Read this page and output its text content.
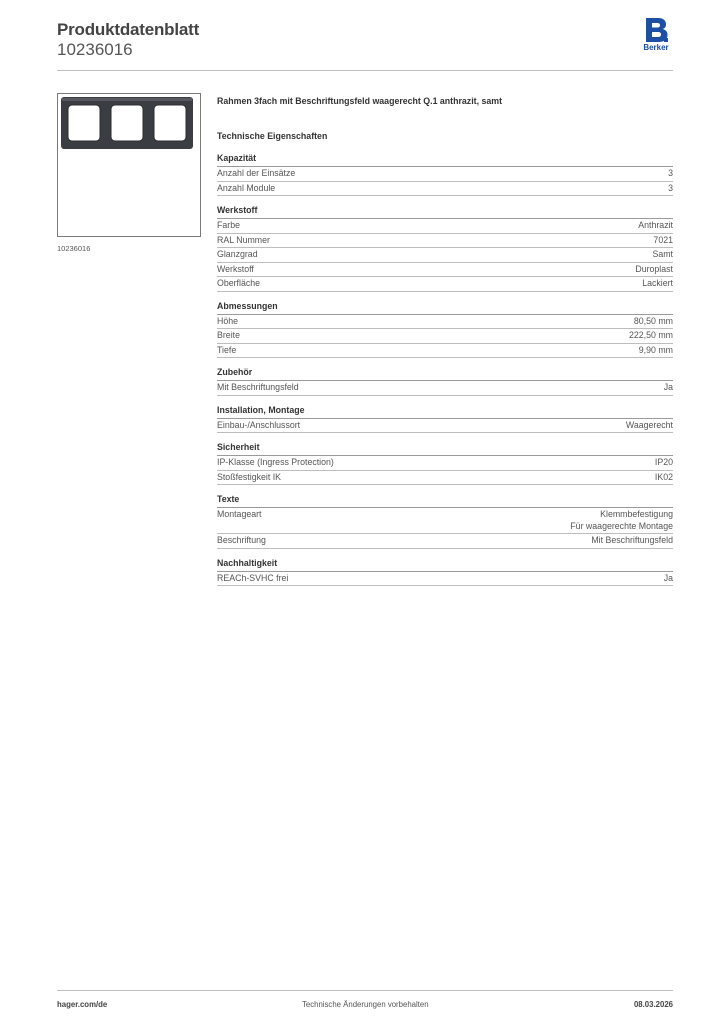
Produktdatenblatt
10236016	Berker
10236016
Rahmen 3fach mit Beschriftungsfeld waagerecht Q.1 anthrazit, samt
Technische Eigenschaften
Kapazität
Anzahl der Einsätze	3
Anzahl Module	3
Werkstoff
Farbe	Anthrazit
RAL Nummer	7021
Glanzgrad	Samt
Werkstoff	Duroplast
Oberfläche	Lackiert
Abmessungen
Höhe	80,50 mm
Breite	222,50 mm
Tiefe	9,90 mm
Zubehör
Mit Beschriftungsfeld	Ja
Installation, Montage
Einbau-/Anschlussort	Waagerecht
Sicherheit
IP-Klasse (Ingress Protection)	IP20
Stoßfestigkeit IK	IK02
Texte
Montageart	Klemmbefestigung
Für waagerechte Montage
Beschriftung	Mit Beschriftungsfeld
Nachhaltigkeit
REACh-SVHC frei	Ja
hager.com/de	Technische Änderungen vorbehalten	08.03.2026
